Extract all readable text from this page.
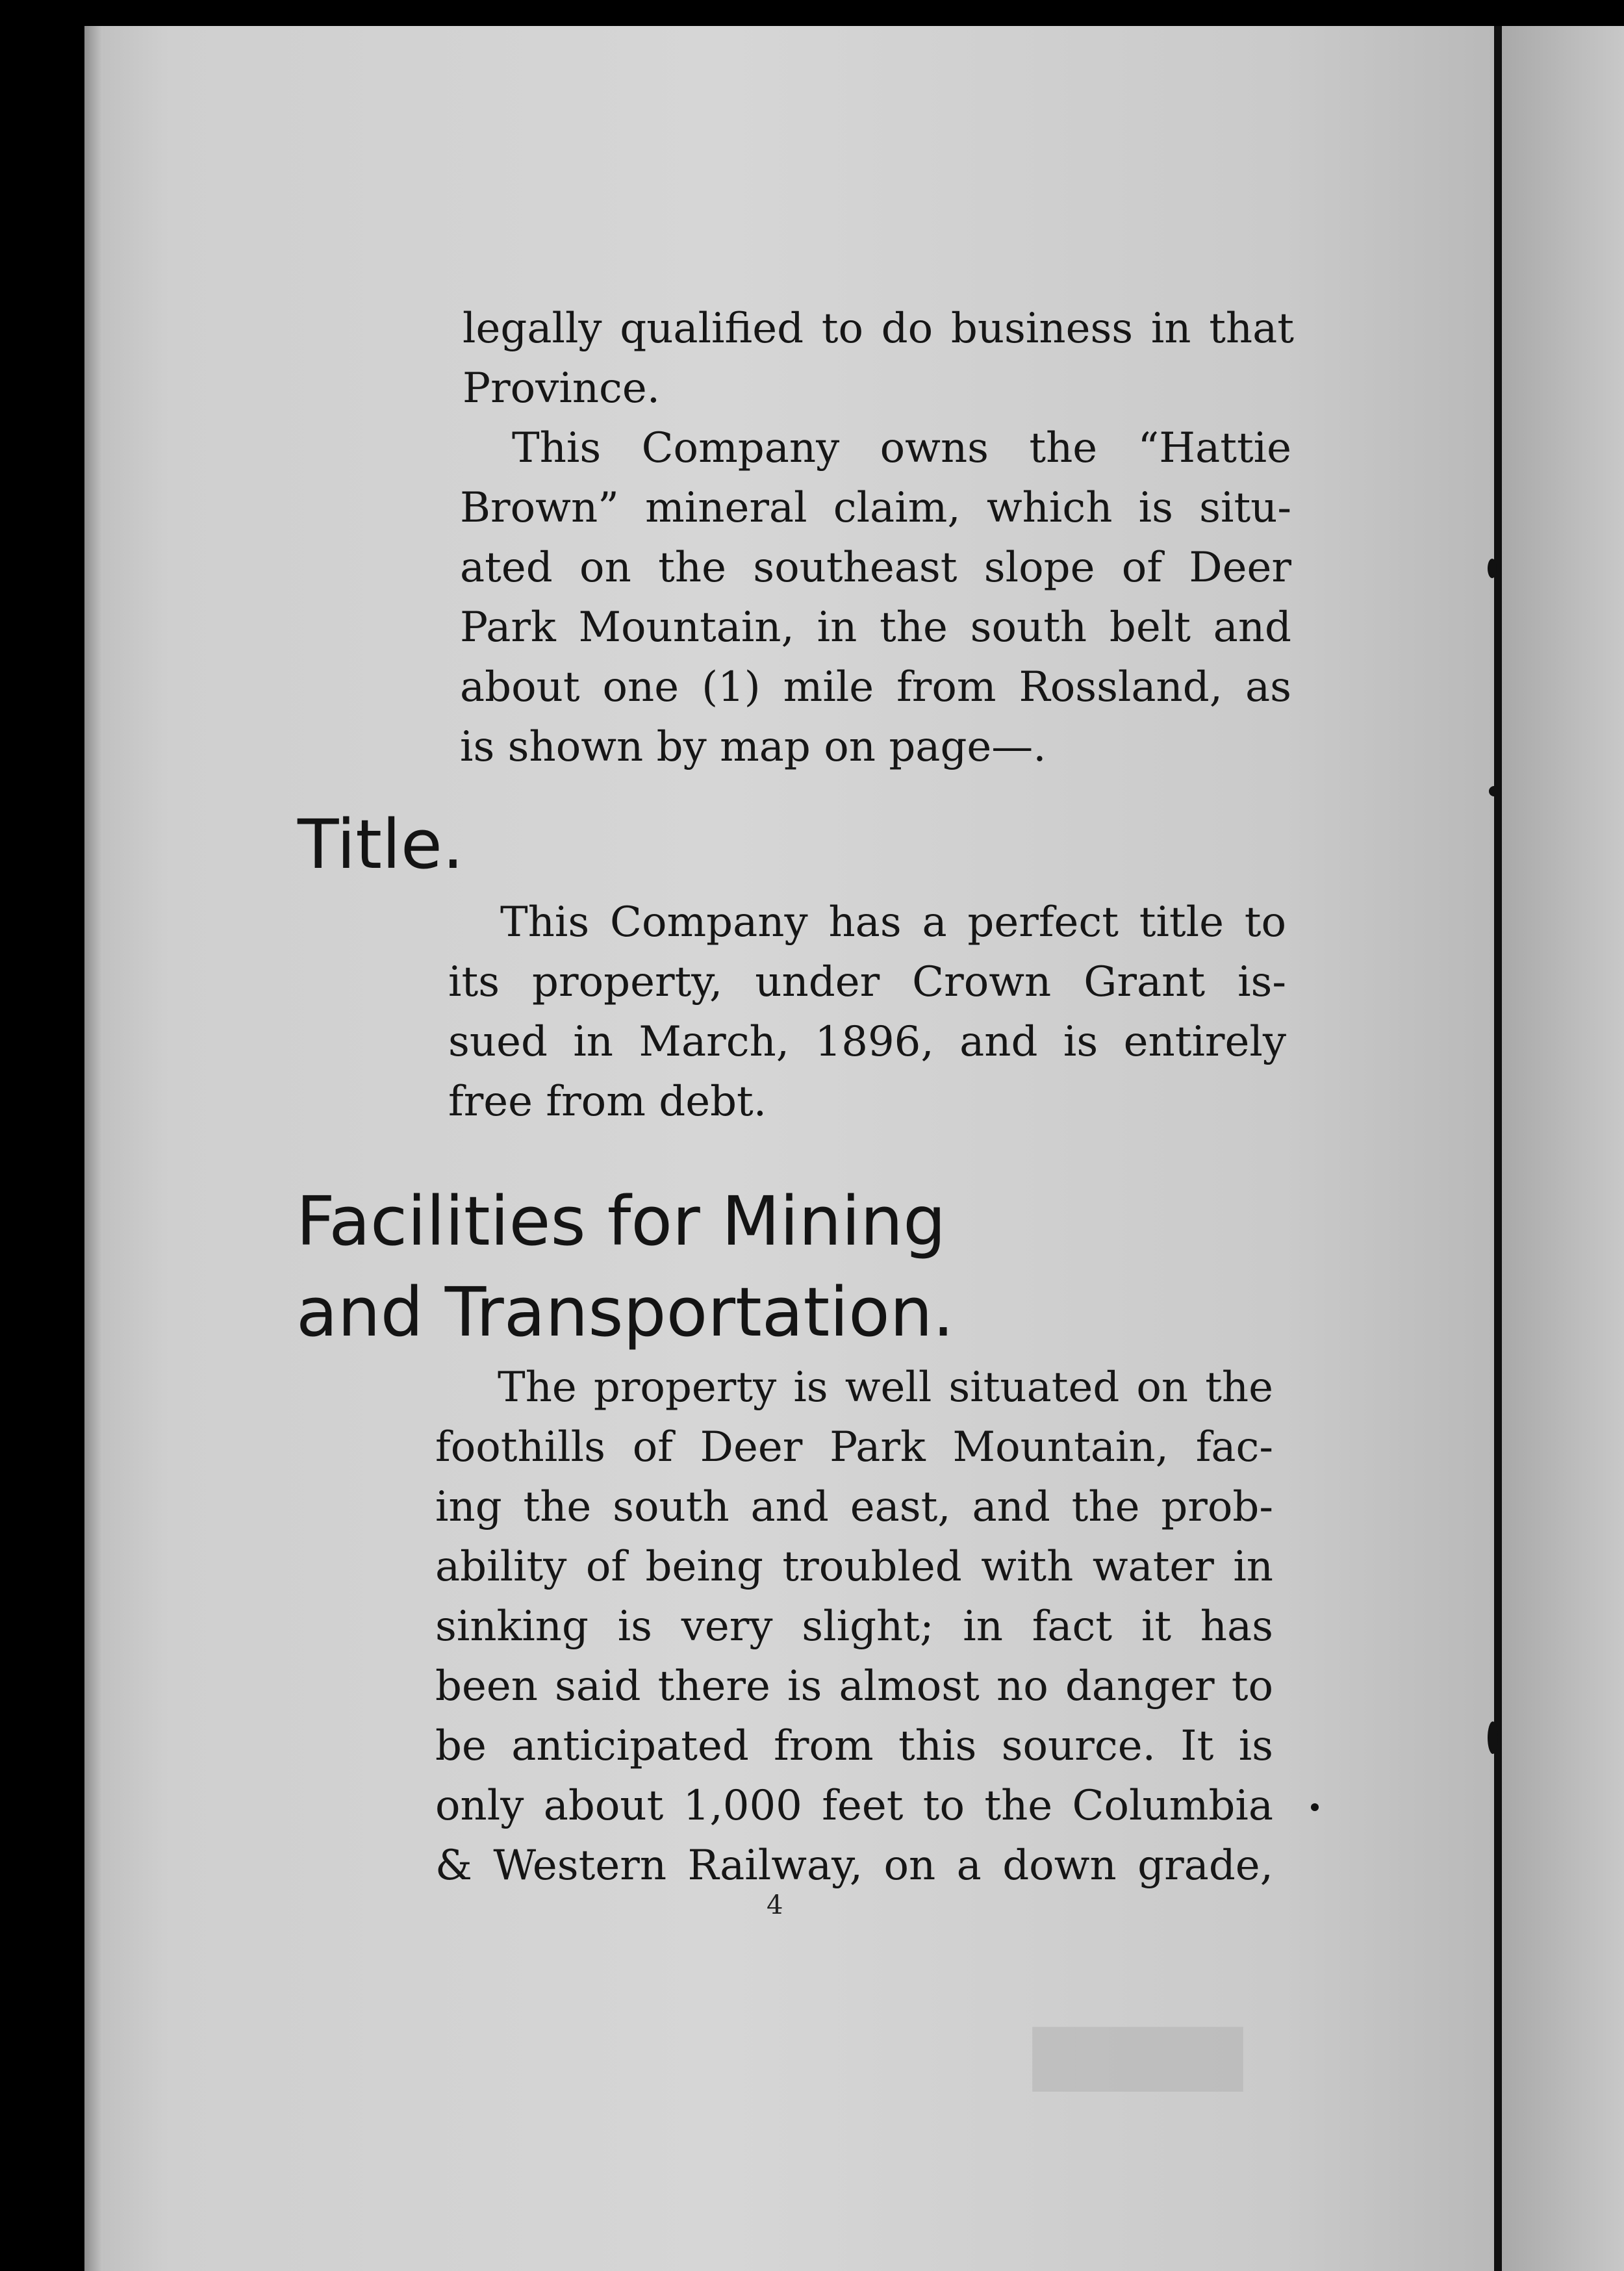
legally qualified to do business in that
Province.
This Company owns the “Hattie
Brown” mineral claim, which is situ-
ated on the southeast slope of Deer
Park Mountain, in the south belt and
about one (1) mile from Rossland, as
is shown by map on page—.
Title.
This Company has a perfect title to
its property, under Crown Grant is-
sued in March, 1896, and is entirely
free from debt.
Facilities for Mining
and Transportation.
The property is well situated on the
foothills of Deer Park Mountain, fac-
ing the south and east, and the prob-
ability of being troubled with water in
sinking is very slight; in fact it has
been said there is almost no danger to
be anticipated from this source. It is
only about 1,000 feet to the Columbia
& Western Railway, on a down grade,
4
█████
